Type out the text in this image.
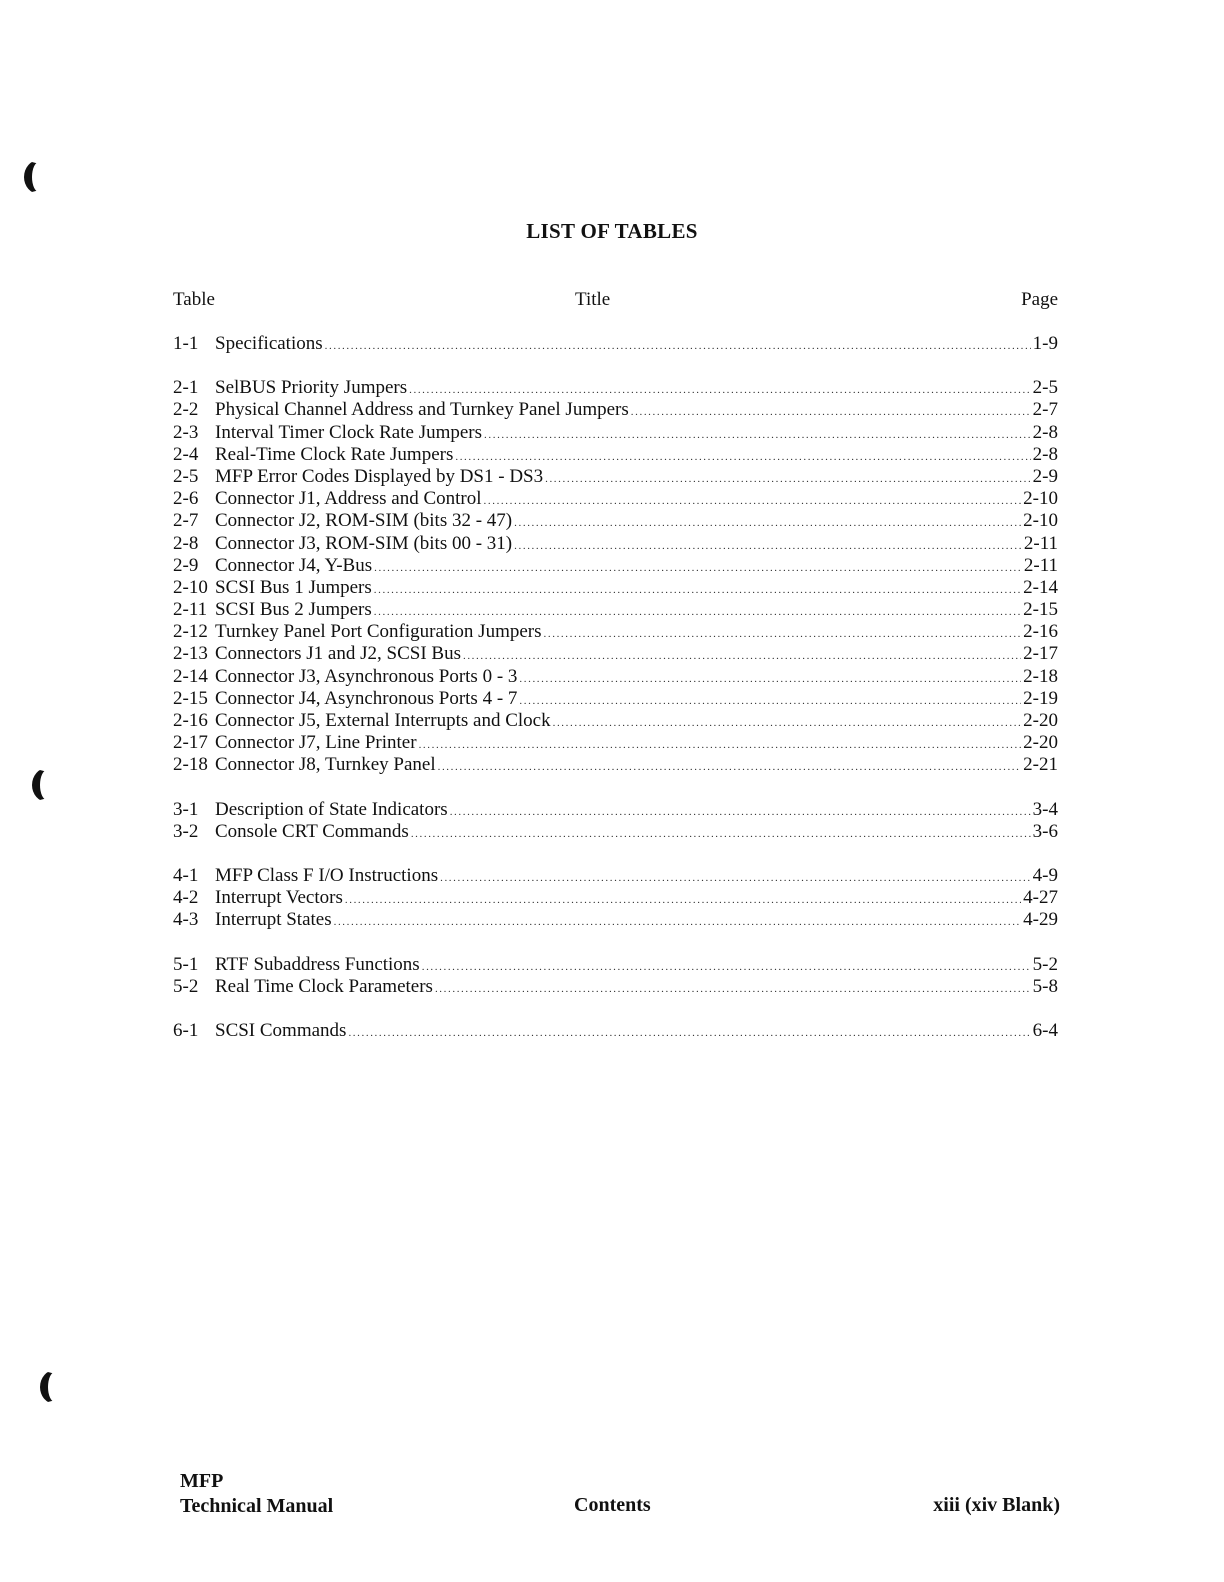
LIST OF TABLES
Table	Title	Page
1-1 Specifications .....	1-9
2-1 SelBUS Priority Jumpers .....	2-5
2-2 Physical Channel Address and Turnkey Panel Jumpers .....	2-7
2-3 Interval Timer Clock Rate Jumpers .....	2-8
2-4 Real-Time Clock Rate Jumpers .....	2-8
2-5 MFP Error Codes Displayed by DS1 - DS3 .....	2-9
2-6 Connector J1, Address and Control .....	2-10
2-7 Connector J2, ROM-SIM (bits 32 - 47) .....	2-10
2-8 Connector J3, ROM-SIM (bits 00 - 31) .....	2-11
2-9 Connector J4, Y-Bus .....	2-11
2-10 SCSI Bus 1 Jumpers .....	2-14
2-11 SCSI Bus 2 Jumpers .....	2-15
2-12 Turnkey Panel Port Configuration Jumpers .....	2-16
2-13 Connectors J1 and J2, SCSI Bus .....	2-17
2-14 Connector J3, Asynchronous Ports 0 - 3 .....	2-18
2-15 Connector J4, Asynchronous Ports 4 - 7 .....	2-19
2-16 Connector J5, External Interrupts and Clock .....	2-20
2-17 Connector J7, Line Printer .....	2-20
2-18 Connector J8, Turnkey Panel .....	2-21
3-1 Description of State Indicators .....	3-4
3-2 Console CRT Commands .....	3-6
4-1 MFP Class F I/O Instructions .....	4-9
4-2 Interrupt Vectors .....	4-27
4-3 Interrupt States .....	4-29
5-1 RTF Subaddress Functions .....	5-2
5-2 Real Time Clock Parameters .....	5-8
6-1 SCSI Commands .....	6-4
MFP
Technical Manual	Contents	xiii (xiv Blank)
